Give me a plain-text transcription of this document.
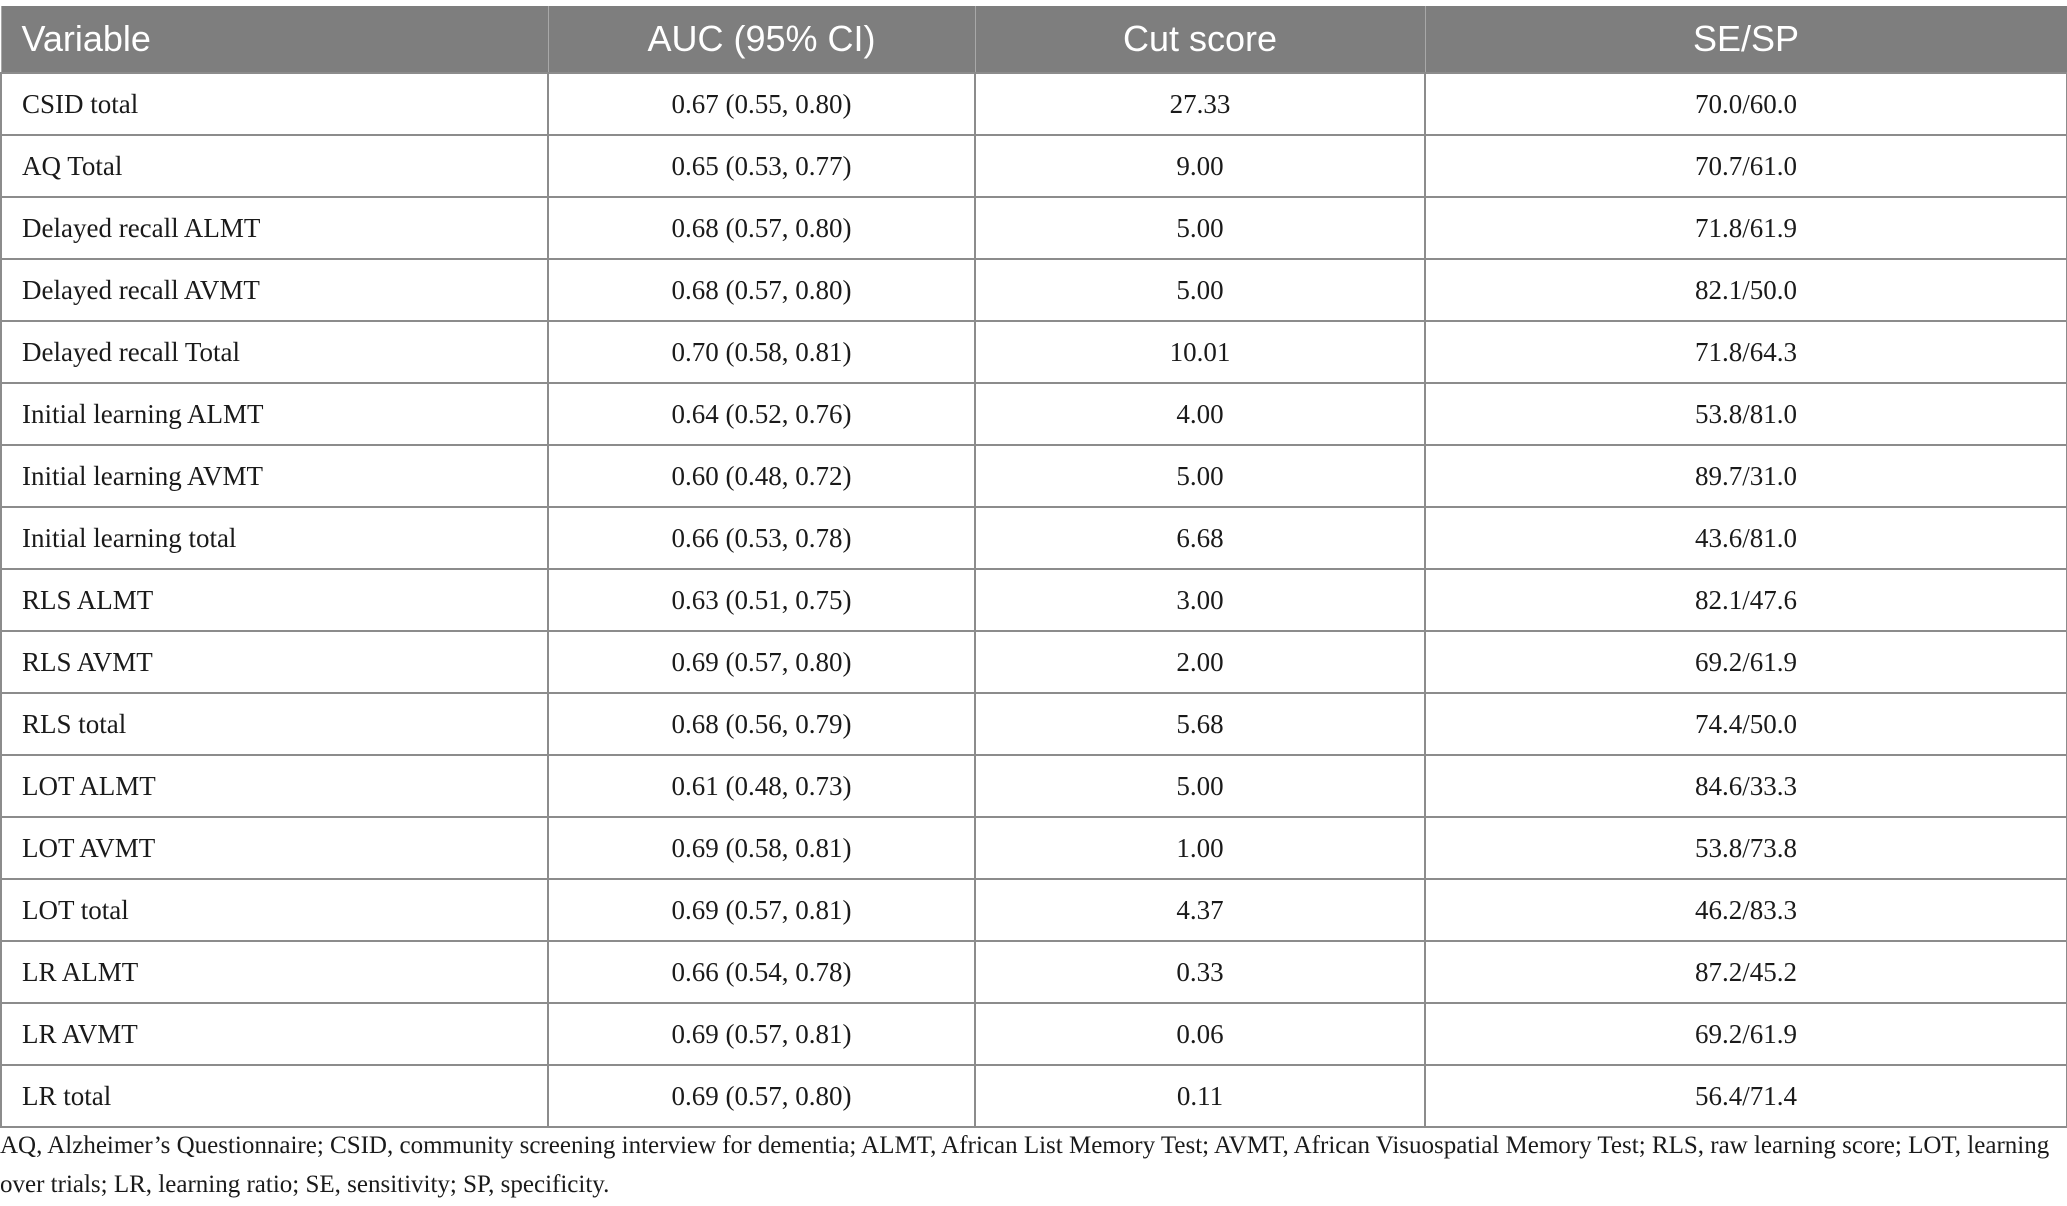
Variable	AUC (95% CI)	Cut score	SE/SP
CSID total	0.67 (0.55, 0.80)	27.33	70.0/60.0
AQ Total	0.65 (0.53, 0.77)	9.00	70.7/61.0
Delayed recall ALMT	0.68 (0.57, 0.80)	5.00	71.8/61.9
Delayed recall AVMT	0.68 (0.57, 0.80)	5.00	82.1/50.0
Delayed recall Total	0.70 (0.58, 0.81)	10.01	71.8/64.3
Initial learning ALMT	0.64 (0.52, 0.76)	4.00	53.8/81.0
Initial learning AVMT	0.60 (0.48, 0.72)	5.00	89.7/31.0
Initial learning total	0.66 (0.53, 0.78)	6.68	43.6/81.0
RLS ALMT	0.63 (0.51, 0.75)	3.00	82.1/47.6
RLS AVMT	0.69 (0.57, 0.80)	2.00	69.2/61.9
RLS total	0.68 (0.56, 0.79)	5.68	74.4/50.0
LOT ALMT	0.61 (0.48, 0.73)	5.00	84.6/33.3
LOT AVMT	0.69 (0.58, 0.81)	1.00	53.8/73.8
LOT total	0.69 (0.57, 0.81)	4.37	46.2/83.3
LR ALMT	0.66 (0.54, 0.78)	0.33	87.2/45.2
LR AVMT	0.69 (0.57, 0.81)	0.06	69.2/61.9
LR total	0.69 (0.57, 0.80)	0.11	56.4/71.4

AQ, Alzheimer’s Questionnaire; CSID, community screening interview for dementia; ALMT, African List Memory Test; AVMT, African Visuospatial Memory Test; RLS, raw learning score; LOT, learning over trials; LR, learning ratio; SE, sensitivity; SP, specificity.
